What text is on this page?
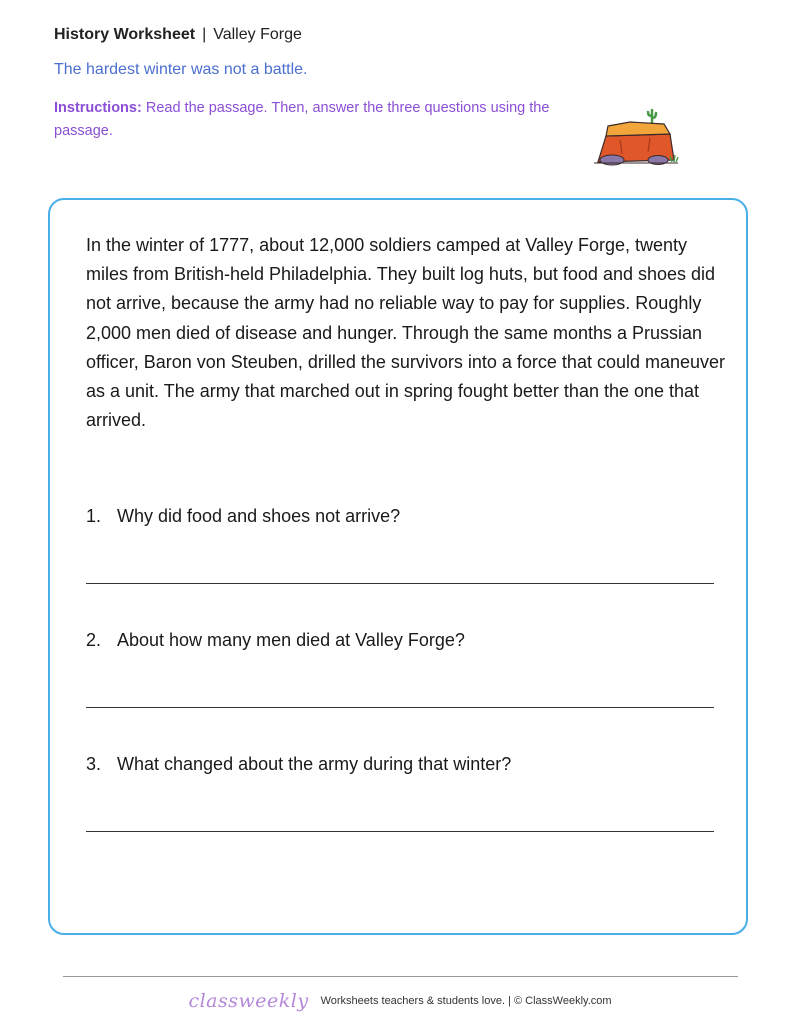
History Worksheet | Valley Forge
The hardest winter was not a battle.
Instructions: Read the passage. Then, answer the three questions using the passage.
In the winter of 1777, about 12,000 soldiers camped at Valley Forge, twenty miles from British-held Philadelphia. They built log huts, but food and shoes did not arrive, because the army had no reliable way to pay for supplies. Roughly 2,000 men died of disease and hunger. Through the same months a Prussian officer, Baron von Steuben, drilled the survivors into a force that could maneuver as a unit. The army that marched out in spring fought better than the one that arrived.
1. Why did food and shoes not arrive?
2. About how many men died at Valley Forge?
3. What changed about the army during that winter?
classweekly Worksheets teachers & students love. | © ClassWeekly.com
